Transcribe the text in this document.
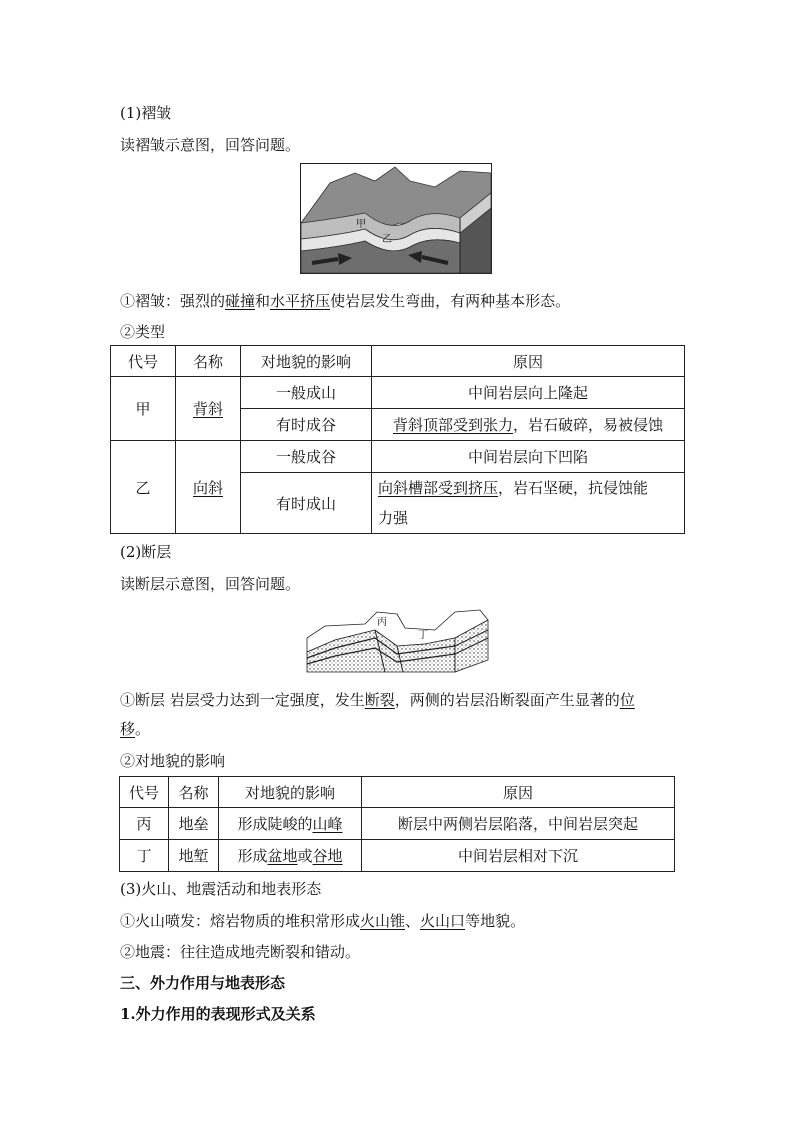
(1)褶皱
读褶皱示意图，回答问题。
甲
乙
①褶皱：强烈的碰撞和水平挤压使岩层发生弯曲，有两种基本形态。
②类型
代号	名称	对地貌的影响	原因
甲	背斜	一般成山	中间岩层向上隆起
		有时成谷	背斜顶部受到张力，岩石破碎，易被侵蚀
乙	向斜	一般成谷	中间岩层向下凹陷
		有时成山	向斜槽部受到挤压，岩石坚硬，抗侵蚀能
力强
(2)断层
读断层示意图，回答问题。
丙
丁
①断层 岩层受力达到一定强度，发生断裂，两侧的岩层沿断裂面产生显著的位
移。
②对地貌的影响
代号	名称	对地貌的影响	原因
丙	地垒	形成陡峻的山峰	断层中两侧岩层陷落，中间岩层突起
丁	地堑	形成盆地或谷地	中间岩层相对下沉
(3)火山、地震活动和地表形态
①火山喷发：熔岩物质的堆积常形成火山锥、火山口等地貌。
②地震：往往造成地壳断裂和错动。
三、外力作用与地表形态
1.外力作用的表现形式及关系
